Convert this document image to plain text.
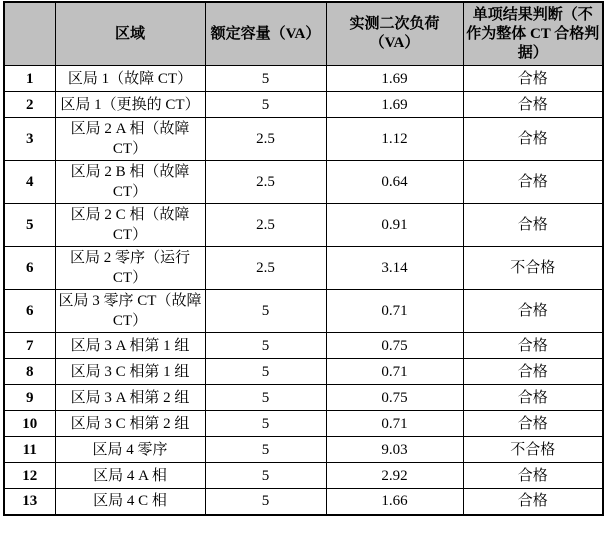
	区域	额定容量（VA）	实测二次负荷（VA）	单项结果判断（不作为整体 CT 合格判据）
1	区局 1（故障 CT）	5	1.69	合格
2	区局 1（更换的 CT）	5	1.69	合格
3	区局 2 A 相（故障 CT）	2.5	1.12	合格
4	区局 2 B 相（故障 CT）	2.5	0.64	合格
5	区局 2 C 相（故障 CT）	2.5	0.91	合格
6	区局 2 零序（运行 CT）	2.5	3.14	不合格
6	区局 3 零序 CT（故障 CT）	5	0.71	合格
7	区局 3 A 相第 1 组	5	0.75	合格
8	区局 3 C 相第 1 组	5	0.71	合格
9	区局 3 A 相第 2 组	5	0.75	合格
10	区局 3 C 相第 2 组	5	0.71	合格
11	区局 4 零序	5	9.03	不合格
12	区局 4 A 相	5	2.92	合格
13	区局 4 C 相	5	1.66	合格
